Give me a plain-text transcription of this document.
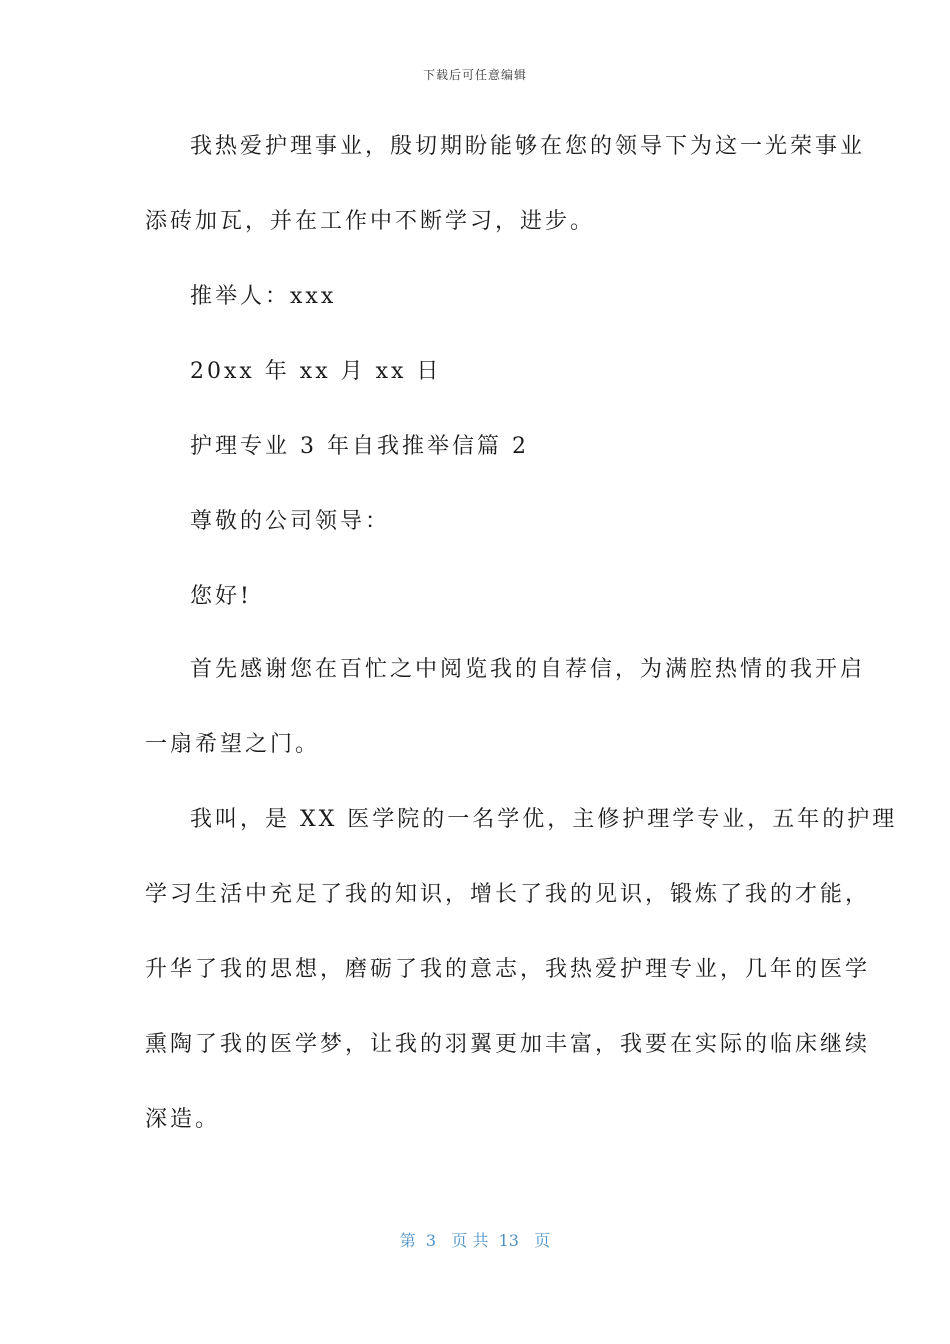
下载后可任意编辑
我热爱护理事业，殷切期盼能够在您的领导下为这一光荣事业
添砖加瓦，并在工作中不断学习，进步。
推举人：xxx
20xx 年 xx 月 xx 日
护理专业 3 年自我推举信篇 2
尊敬的公司领导：
您好!
首先感谢您在百忙之中阅览我的自荐信，为满腔热情的我开启
一扇希望之门。
我叫，是 XX 医学院的一名学优，主修护理学专业，五年的护理
学习生活中充足了我的知识，增长了我的见识，锻炼了我的才能，
升华了我的思想，磨砺了我的意志，我热爱护理专业，几年的医学
熏陶了我的医学梦，让我的羽翼更加丰富，我要在实际的临床继续
深造。
第  3   页 共  13   页
